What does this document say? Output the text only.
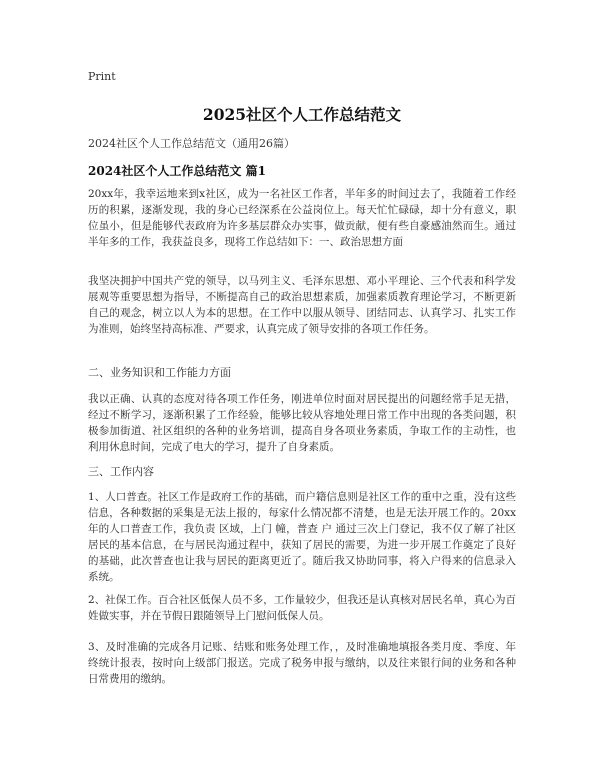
Print
2025社区个人工作总结范文
2024社区个人工作总结范文（通用26篇）
2024社区个人工作总结范文 篇1
20xx年，我幸运地来到x社区，成为一名社区工作者，半年多的时间过去了，我随着工作经历的积累，逐渐发现，我的身心已经深系在公益岗位上。每天忙忙碌碌，却十分有意义，职位虽小，但是能够代表政府为许多基层群众办实事，做贡献，便有些自豪感油然而生。通过半年多的工作，我获益良多，现将工作总结如下：一、政治思想方面
我坚决拥护中国共产党的领导，以马列主义、毛泽东思想、邓小平理论、三个代表和科学发展观等重要思想为指导，不断提高自己的政治思想素质，加强素质教育理论学习，不断更新自己的观念，树立以人为本的思想。在工作中以服从领导、团结同志、认真学习、扎实工作为准则，始终坚持高标准、严要求，认真完成了领导安排的各项工作任务。
二、业务知识和工作能力方面
我以正确、认真的态度对待各项工作任务，刚进单位时面对居民提出的问题经常手足无措，经过不断学习，逐渐积累了工作经验，能够比较从容地处理日常工作中出现的各类问题，积极参加街道、社区组织的各种的业务培训，提高自身各项业务素质，争取工作的主动性，也利用休息时间，完成了电大的学习，提升了自身素质。
三、工作内容
1、人口普查。社区工作是政府工作的基础，而户籍信息则是社区工作的重中之重，没有这些信息，各种数据的采集是无法上报的，每家什么情况都不清楚，也是无法开展工作的。20xx年的人口普查工作，我负责 区域，上门 幢，普查 户 通过三次上门登记，我不仅了解了社区居民的基本信息，在与居民沟通过程中，获知了居民的需要，为进一步开展工作奠定了良好的基础，此次普查也让我与居民的距离更近了。随后我又协助同事，将入户得来的信息录入 系统。
2、社保工作。百合社区低保人员不多，工作量较少，但我还是认真核对居民名单，真心为百姓做实事，并在节假日跟随领导上门慰问低保人员。
3、及时准确的完成各月记账、结账和账务处理工作，，及时准确地填报各类月度、季度、年终统计报表，按时向上级部门报送。完成了税务申报与缴纳，以及往来银行间的业务和各种日常费用的缴纳。
